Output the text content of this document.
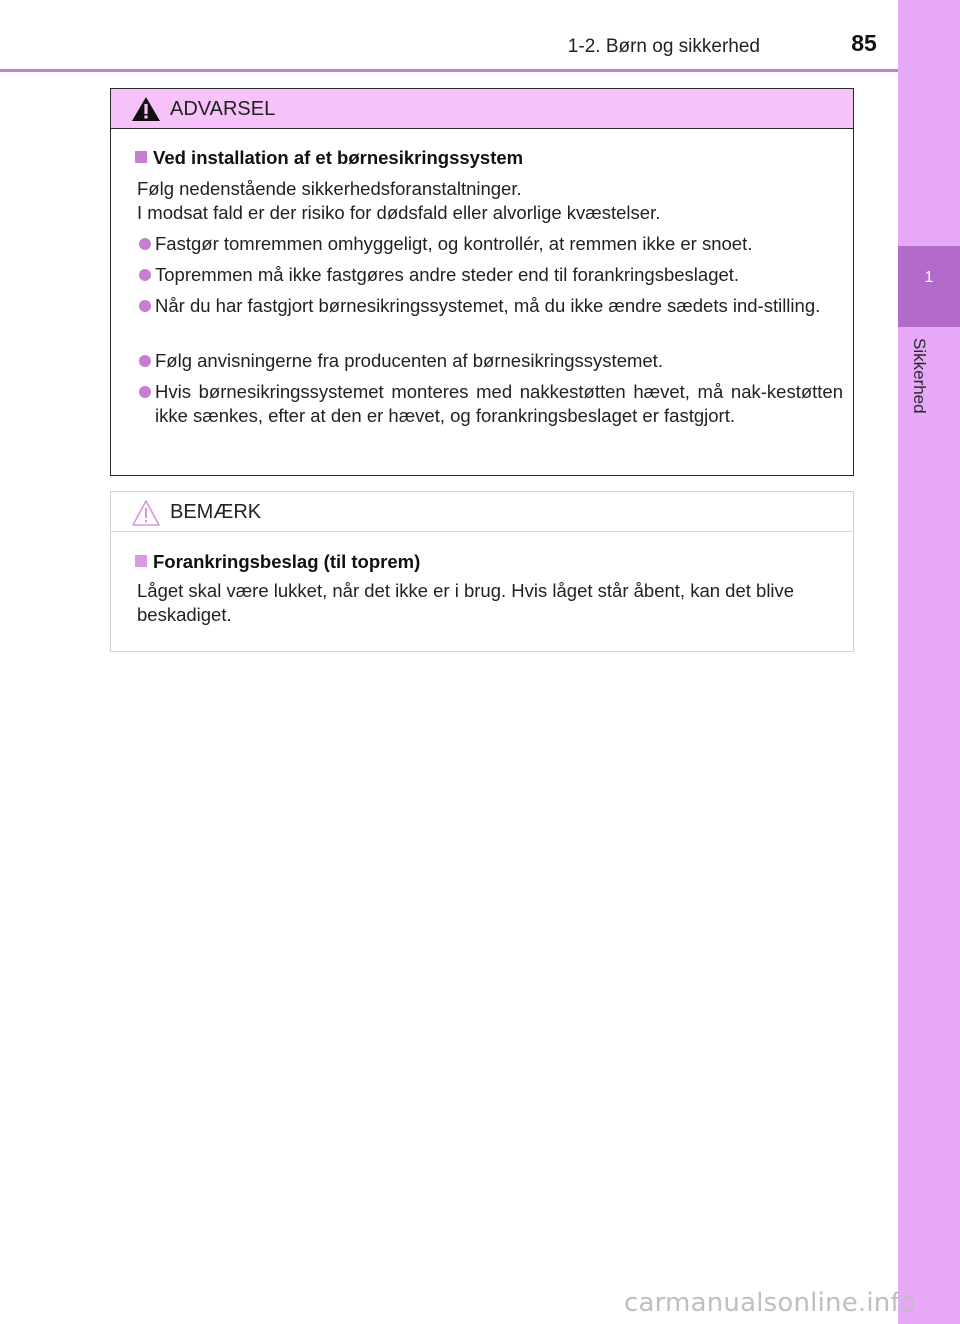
1-2. Børn og sikkerhed	85
1
Sikkerhed
ADVARSEL
Ved installation af et børnesikringssystem
Følg nedenstående sikkerhedsforanstaltninger.
I modsat fald er der risiko for dødsfald eller alvorlige kvæstelser.
Fastgør tomremmen omhyggeligt, og kontrollér, at remmen ikke er snoet.
Topremmen må ikke fastgøres andre steder end til forankringsbeslaget.
Når du har fastgjort børnesikringssystemet, må du ikke ændre sædets ind-stilling.
Følg anvisningerne fra producenten af børnesikringssystemet.
Hvis børnesikringssystemet monteres med nakkestøtten hævet, må nak-kestøtten ikke sænkes, efter at den er hævet, og forankringsbeslaget er fastgjort.
BEMÆRK
Forankringsbeslag (til toprem)
Låget skal være lukket, når det ikke er i brug. Hvis låget står åbent, kan det blive beskadiget.
carmanualsonline.info
